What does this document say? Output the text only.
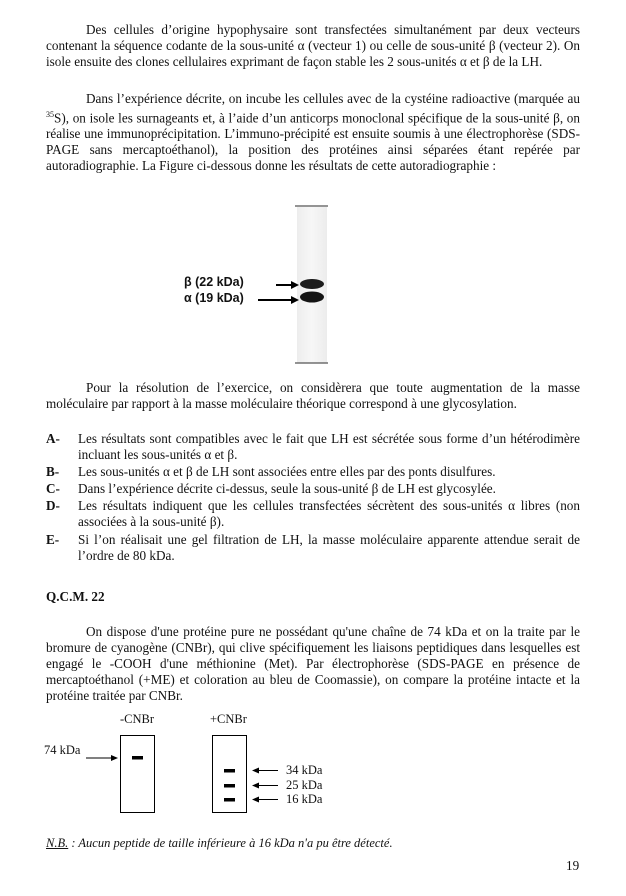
Des cellules d’origine hypophysaire sont transfectées simultanément par deux vecteurs contenant la séquence codante de la sous-unité α (vecteur 1) ou celle de sous-unité β (vecteur 2). On isole ensuite des clones cellulaires exprimant de façon stable les 2 sous-unités α et β de la LH.

Dans l’expérience décrite, on incube les cellules avec de la cystéine radioactive (marquée au $^{35}$S), on isole les surnageants et, à l’aide d’un anticorps monoclonal spécifique de la sous-unité β, on réalise une immunoprécipitation. L’immuno-précipité est ensuite soumis à une électrophorèse (SDS-PAGE sans mercaptoéthanol), la position des protéines ainsi séparées étant repérée par autoradiographie. La Figure ci-dessous donne les résultats de cette autoradiographie :

β (22 kDa)
α (19 kDa)

Pour la résolution de l’exercice, on considèrera que toute augmentation de la masse moléculaire par rapport à la masse moléculaire théorique correspond à une glycosylation.

A- Les résultats sont compatibles avec le fait que LH est sécrétée sous forme d’un hétérodimère incluant les sous-unités α et β.
B- Les sous-unités α et β de LH sont associées entre elles par des ponts disulfures.
C- Dans l’expérience décrite ci-dessus, seule la sous-unité β de LH est glycosylée.
D- Les résultats indiquent que les cellules transfectées sécrètent des sous-unités α libres (non associées à la sous-unité β).
E- Si l’on réalisait une gel filtration de LH, la masse moléculaire apparente attendue serait de l’ordre de 80 kDa.
Q.C.M. 22

On dispose d'une protéine pure ne possédant qu'une chaîne de 74 kDa et on la traite par le bromure de cyanogène (CNBr), qui clive spécifiquement les liaisons peptidiques dans lesquelles est engagé le -COOH d'une méthionine (Met). Par électrophorèse (SDS-PAGE en présence de mercaptoéthanol (+ME) et coloration au bleu de Coomassie), on compare la protéine intacte et la protéine traitée par CNBr.

-CNBr	+CNBr
74 kDa
34 kDa
25 kDa
16 kDa
N.B. : Aucun peptide de taille inférieure à 16 kDa n'a pu être détecté.
19
